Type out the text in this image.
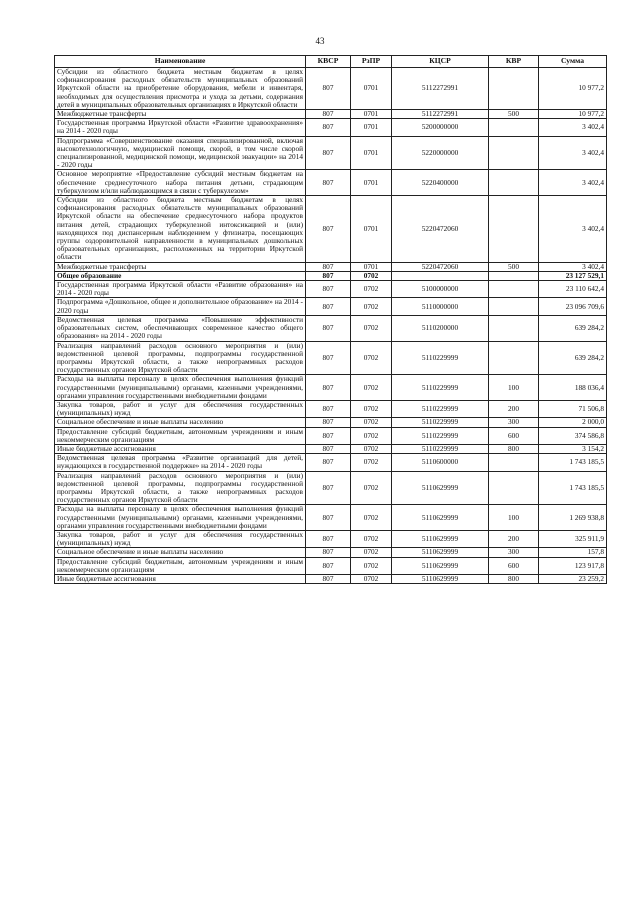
43
Наименование	КВСР	РзПР	КЦСР	КВР	Сумма
Субсидии из областного бюджета местным бюджетам в целях софинансирования расходных обязательств муниципальных образований Иркутской области на приобретение оборудования, мебели и инвентаря, необходимых для осуществления присмотра и ухода за детьми, содержания детей в муниципальных образовательных организациях в Иркутской области	807	0701	5112272991		10 977,2
Межбюджетные трансферты	807	0701	5112272991	500	10 977,2
Государственная программа Иркутской области «Развитие здравоохранения» на 2014 - 2020 годы	807	0701	5200000000		3 402,4
Подпрограмма «Совершенствование оказания специализированной, включая высокотехнологичную, медицинской помощи, скорой, в том числе скорой специализированной, медицинской помощи, медицинской эвакуации» на 2014 - 2020 годы	807	0701	5220000000		3 402,4
Основное мероприятие «Предоставление субсидий местным бюджетам на обеспечение средиесуточного набора питания детьми, страдающим туберкулезом и/или наблюдающимся в связи с туберкулезом»	807	0701	5220400000		3 402,4
Субсидии из областного бюджета местным бюджетам в целях софинансирования расходных обязательств муниципальных образований Иркутской области на обеспечение среднесуточного набора продуктов питания детей, страдающих туберкулезной интоксикацией и (или) находящихся под диспансерным наблюдением у фтизиатра, посещающих группы оздоровительной направленности в муниципальных дошкольных образовательных организациях, расположенных на территории Иркутской области	807	0701	5220472060		3 402,4
Межбюджетные трансферты	807	0701	5220472060	500	3 402,4
Общее образование	807	0702			23 127 529,1
Государственная программа Иркутской области «Развитие образования» на 2014 - 2020 годы	807	0702	5100000000		23 110 642,4
Подпрограмма «Дошкольное, общее и дополнительное образование» на 2014 - 2020 годы	807	0702	5110000000		23 096 709,6
Ведомственная целевая программа «Повышение эффективности образовательных систем, обеспечивающих современное качество общего образования» на 2014 - 2020 годы	807	0702	5110200000		639 284,2
Реализация направлений расходов основного мероприятия и (или) ведомственной целевой программы, подпрограммы государственной программы Иркутской области, а также непрограммных расходов государственных органов Иркутской области	807	0702	5110229999		639 284,2
Расходы на выплаты персоналу в целях обеспечения выполнения функций государственными (муниципальными) органами, казенными учреждениями, органами управления государственными внебюджетными фондами	807	0702	5110229999	100	188 036,4
Закупка товаров, работ и услуг для обеспечения государственных (муниципальных) нужд	807	0702	5110229999	200	71 506,8
Социальное обеспечение и иные выплаты населению	807	0702	5110229999	300	2 000,0
Предоставление субсидий бюджетным, автономным учреждениям и иным некоммерческим организациям	807	0702	5110229999	600	374 586,8
Иные бюджетные ассигнования	807	0702	5110229999	800	3 154,2
Ведомственная целевая программа «Развитие организаций для детей, нуждающихся в государственной поддержке» на 2014 - 2020 годы	807	0702	5110600000		1 743 185,5
Реализация направлений расходов основного мероприятия и (или) ведомственной целевой программы, подпрограммы государственной программы Иркутской области, а также непрограммных расходов государственных органов Иркутской области	807	0702	5110629999		1 743 185,5
Расходы на выплаты персоналу в целях обеспечения выполнения функций государственными (муниципальными) органами, казенными учреждениями, органами управления государственными внебюджетными фондами	807	0702	5110629999	100	1 269 938,8
Закупка товаров, работ и услуг для обеспечения государственных (муниципальных) нужд	807	0702	5110629999	200	325 911,9
Социальное обеспечение и иные выплаты населению	807	0702	5110629999	300	157,8
Предоставление субсидий бюджетным, автономным учреждениям и иным некоммерческим организациям	807	0702	5110629999	600	123 917,8
Иные бюджетные ассигнования	807	0702	5110629999	800	23 259,2
